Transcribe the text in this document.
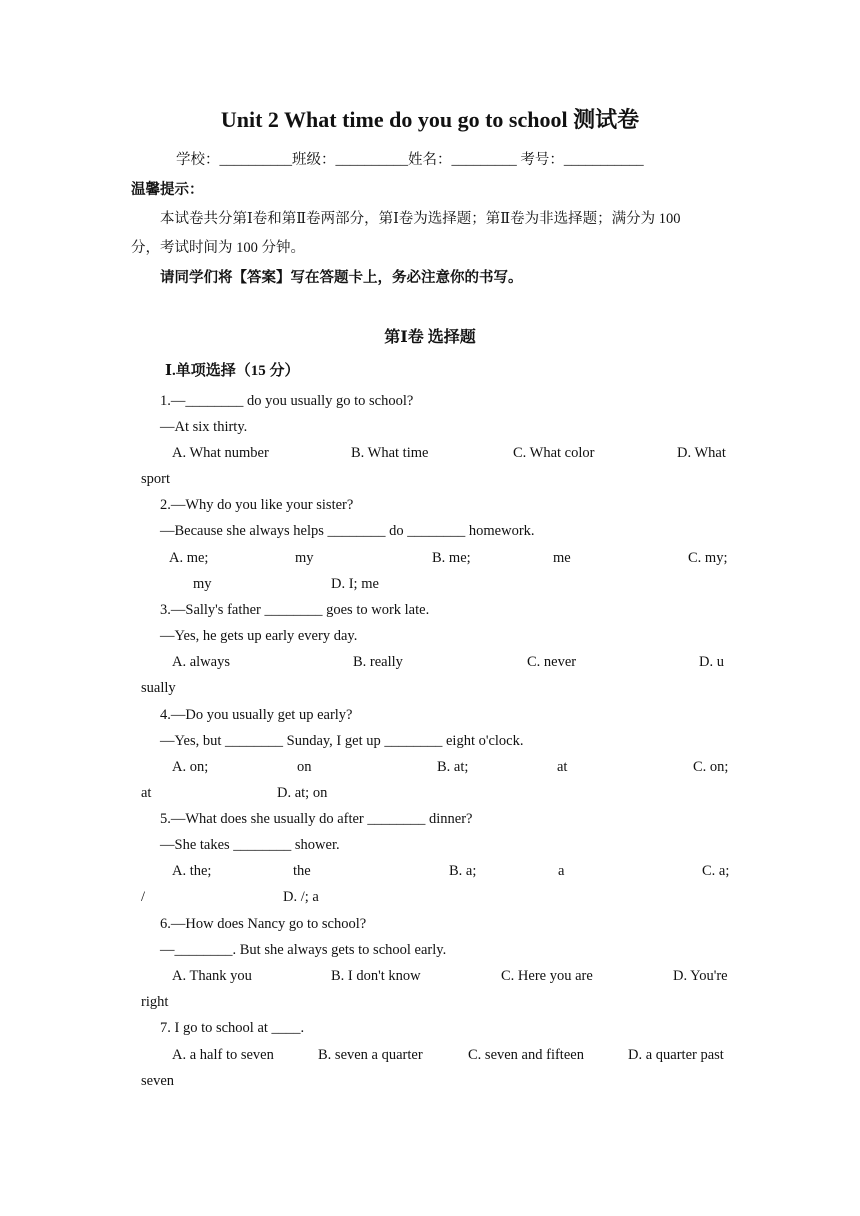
Unit 2 What time do you go to school 测试卷
学校：__________班级：__________姓名：_________ 考号：___________
温馨提示：
本试卷共分第Ⅰ卷和第Ⅱ卷两部分，第Ⅰ卷为选择题；第Ⅱ卷为非选择题；满分为 100
分，考试时间为 100 分钟。
请同学们将【答案】写在答题卡上，务必注意你的书写。
第Ⅰ卷 选择题
Ⅰ.单项选择（15 分）
1.—________ do you usually go to school?
—At six thirty.
A. What number	B. What time	C. What color	D. What
sport
2.—Why do you like your sister?
—Because she always helps ________ do ________ homework.
A. me;	my	B. me;	me	C. my;
my	D. I; me
3.—Sally's father ________ goes to work late.
—Yes, he gets up early every day.
A. always	B. really	C. never	D. u
sually
4.—Do you usually get up early?
—Yes, but ________ Sunday, I get up ________ eight o'clock.
A. on;	on	B. at;	at	C. on;
at	D. at; on
5.—What does she usually do after ________ dinner?
—She takes ________ shower.
A. the;	the	B. a;	a	C. a;
/	D. /; a
6.—How does Nancy go to school?
—________. But she always gets to school early.
A. Thank you	B. I don't know	C. Here you are	D. You're
right
7. I go to school at ____.
A. a half to seven	B. seven a quarter	C. seven and fifteen	D. a quarter past
seven
